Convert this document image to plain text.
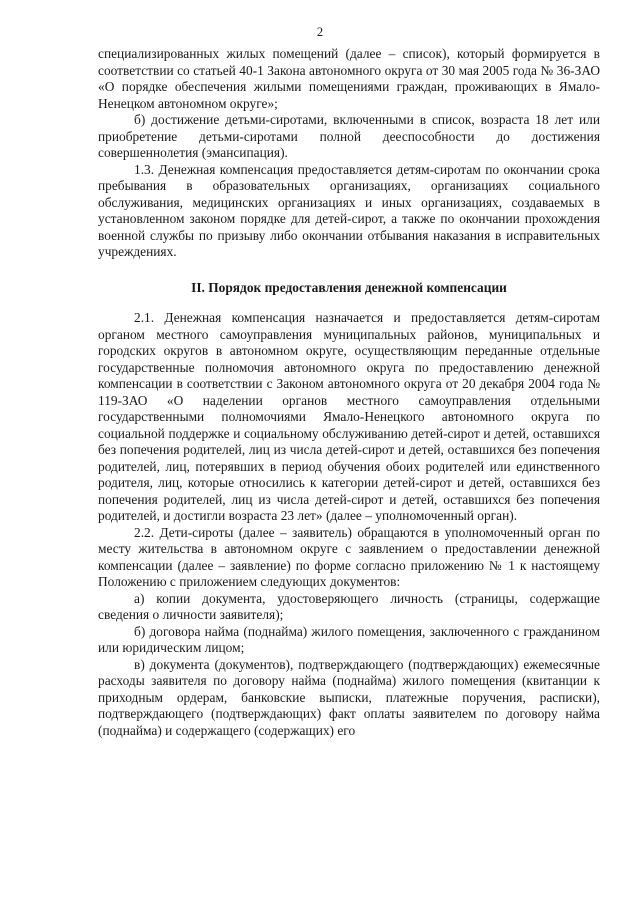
2

специализированных жилых помещений (далее – список), который формируется в соответствии со статьей 40-1 Закона автономного округа от 30 мая 2005 года № 36-ЗАО «О порядке обеспечения жилыми помещениями граждан, проживающих в Ямало-Ненецком автономном округе»;

б) достижение детьми-сиротами, включенными в список, возраста 18 лет или приобретение детьми-сиротами полной дееспособности до достижения совершеннолетия (эмансипация).

1.3. Денежная компенсация предоставляется детям-сиротам по окончании срока пребывания в образовательных организациях, организациях социального обслуживания, медицинских организациях и иных организациях, создаваемых в установленном законом порядке для детей-сирот, а также по окончании прохождения военной службы по призыву либо окончании отбывания наказания в исправительных учреждениях.

II. Порядок предоставления денежной компенсации

2.1. Денежная компенсация назначается и предоставляется детям-сиротам органом местного самоуправления муниципальных районов, муниципальных и городских округов в автономном округе, осуществляющим переданные отдельные государственные полномочия автономного округа по предоставлению денежной компенсации в соответствии с Законом автономного округа от 20 декабря 2004 года № 119-ЗАО «О наделении органов местного самоуправления отдельными государственными полномочиями Ямало-Ненецкого автономного округа по социальной поддержке и социальному обслуживанию детей-сирот и детей, оставшихся без попечения родителей, лиц из числа детей-сирот и детей, оставшихся без попечения родителей, лиц, потерявших в период обучения обоих родителей или единственного родителя, лиц, которые относились к категории детей-сирот и детей, оставшихся без попечения родителей, лиц из числа детей-сирот и детей, оставшихся без попечения родителей, и достигли возраста 23 лет» (далее – уполномоченный орган).

2.2. Дети-сироты (далее – заявитель) обращаются в уполномоченный орган по месту жительства в автономном округе с заявлением о предоставлении денежной компенсации (далее – заявление) по форме согласно приложению № 1 к настоящему Положению с приложением следующих документов:

а) копии документа, удостоверяющего личность (страницы, содержащие сведения о личности заявителя);

б) договора найма (поднайма) жилого помещения, заключенного с гражданином или юридическим лицом;

в) документа (документов), подтверждающего (подтверждающих) ежемесячные расходы заявителя по договору найма (поднайма) жилого помещения (квитанции к приходным ордерам, банковские выписки, платежные поручения, расписки), подтверждающего (подтверждающих) факт оплаты заявителем по договору найма (поднайма) и содержащего (содержащих) его
